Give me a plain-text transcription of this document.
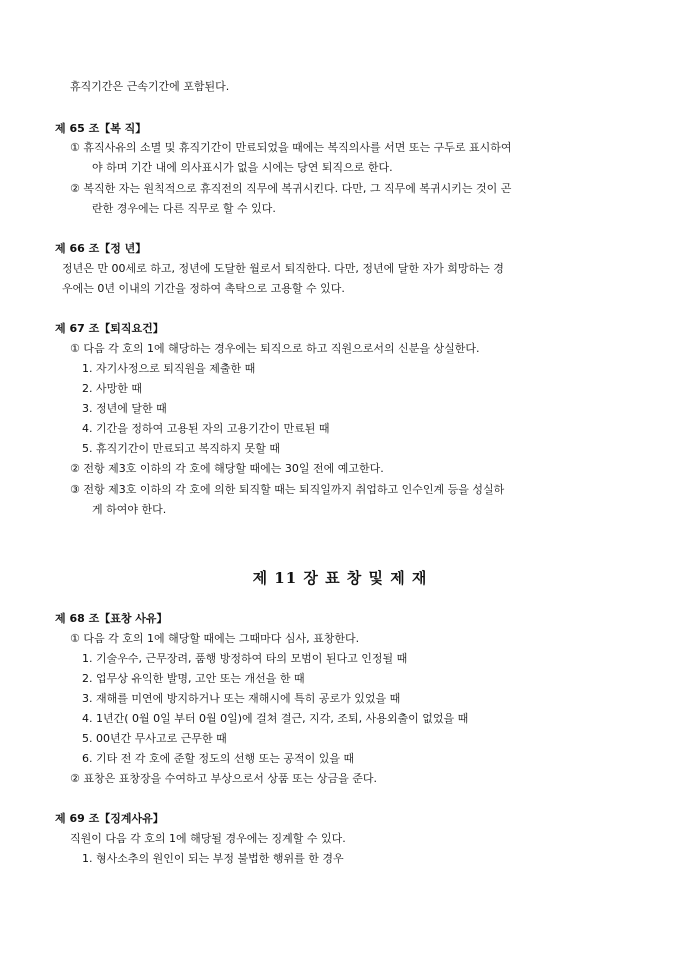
휴직기간은 근속기간에 포함된다.
제 65 조【복 직】
① 휴직사유의 소멸 및 휴직기간이 만료되었을 때에는 복직의사를 서면 또는 구두로 표시하여
야 하며 기간 내에 의사표시가 없을 시에는 당연 퇴직으로 한다.
② 복직한 자는 원칙적으로 휴직전의 직무에 복귀시킨다. 다만, 그 직무에 복귀시키는 것이 곤
란한 경우에는 다른 직무로 할 수 있다.
제 66 조【정 년】
정년은 만 00세로 하고, 정년에 도달한 월로서 퇴직한다. 다만, 정년에 달한 자가 희망하는 경
우에는 0년 이내의 기간을 정하여 촉탁으로 고용할 수 있다.
제 67 조【퇴직요건】
① 다음 각 호의 1에 해당하는 경우에는 퇴직으로 하고 직원으로서의 신분을 상실한다.
1. 자기사정으로 퇴직원을 제출한 때
2. 사망한 때
3. 정년에 달한 때
4. 기간을 정하여 고용된 자의 고용기간이 만료된 때
5. 휴직기간이 만료되고 복직하지 못할 때
② 전항 제3호 이하의 각 호에 해당할 때에는 30일 전에 예고한다.
③ 전항 제3호 이하의 각 호에 의한 퇴직할 때는 퇴직일까지 취업하고 인수인계 등을 성실하
게 하여야 한다.
제 11 장 표 창 및 제 재
제 68 조【표창 사유】
① 다음 각 호의 1에 해당할 때에는 그때마다 심사, 표창한다.
1. 기술우수, 근무장려, 품행 방정하여 타의 모범이 된다고 인정될 때
2. 업무상 유익한 발명, 고안 또는 개선을 한 때
3. 재해를 미연에 방지하거나 또는 재해시에 특히 공로가 있었을 때
4. 1년간( 0월 0일 부터 0월 0일)에 걸쳐 결근, 지각, 조퇴, 사용외출이 없었을 때
5. 00년간 무사고로 근무한 때
6. 기타 전 각 호에 준할 정도의 선행 또는 공적이 있을 때
② 표창은 표창장을 수여하고 부상으로서 상품 또는 상금을 준다.
제 69 조【징계사유】
직원이 다음 각 호의 1에 해당될 경우에는 징계할 수 있다.
1. 형사소추의 원인이 되는 부정 불법한 행위를 한 경우
